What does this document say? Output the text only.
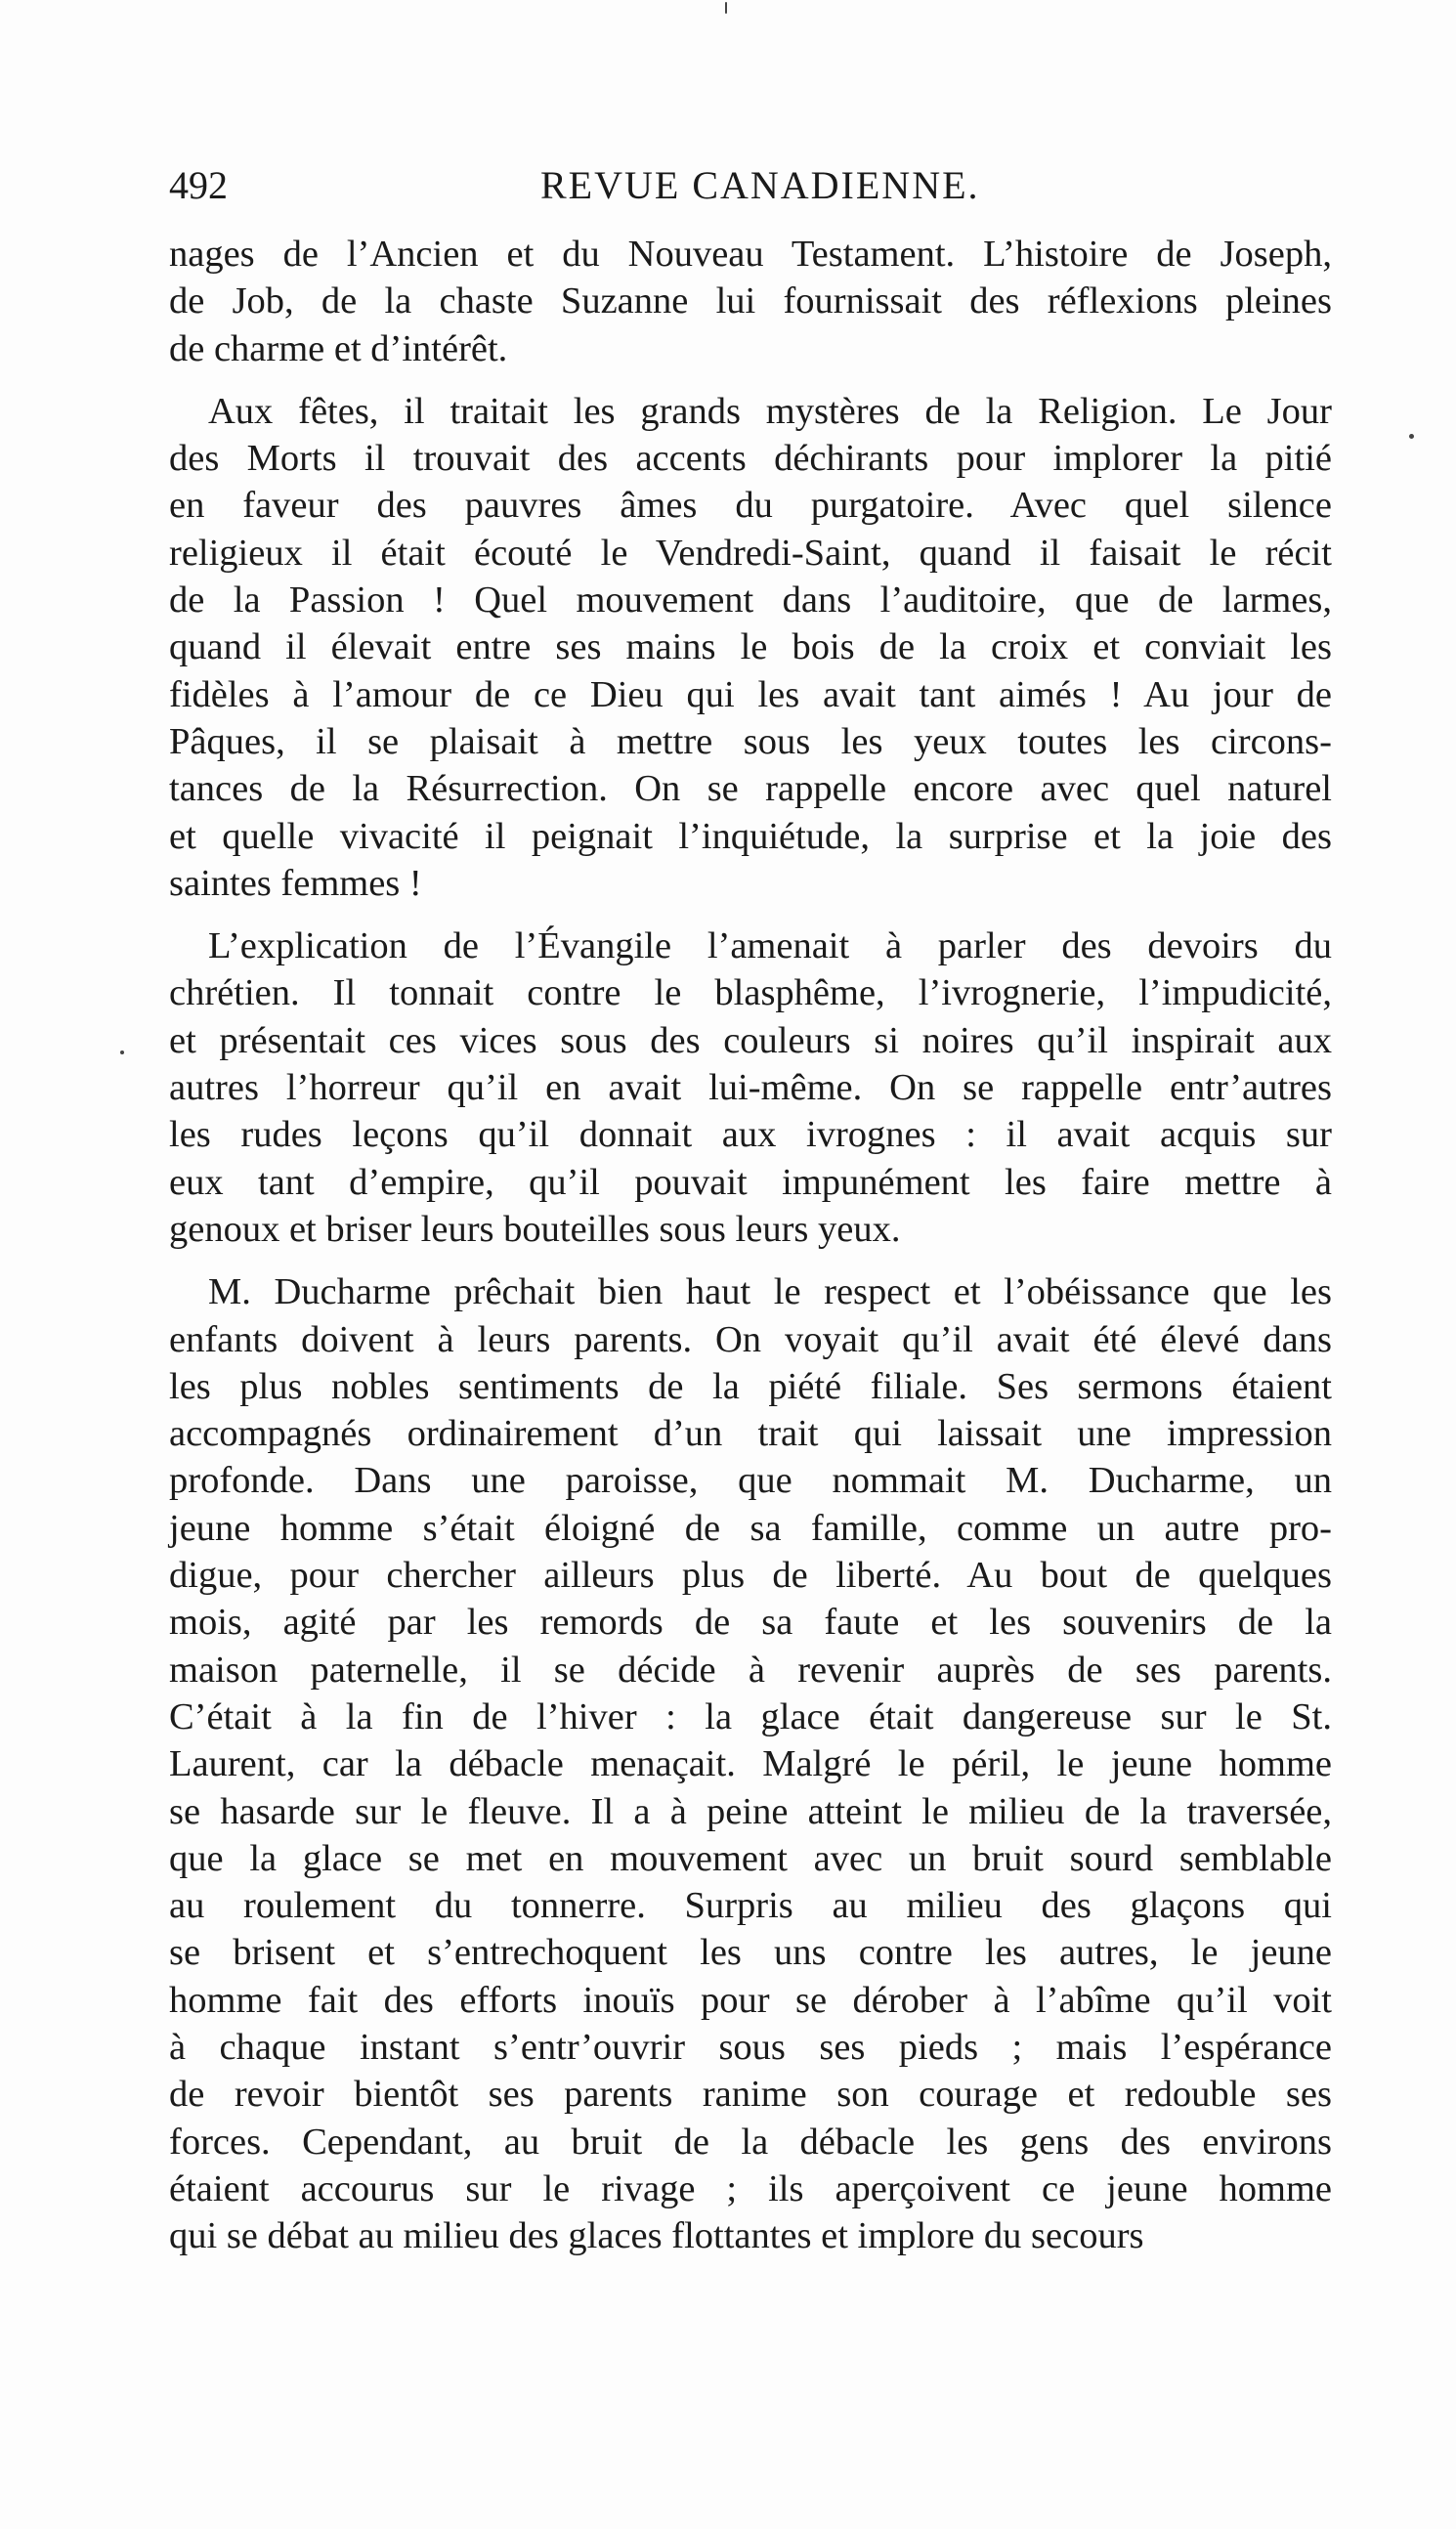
492	REVUE CANADIENNE.

nages de l’Ancien et du Nouveau Testament. L’histoire de Joseph,
de Job, de la chaste Suzanne lui fournissait des réflexions pleines
de charme et d’intérêt.

Aux fêtes, il traitait les grands mystères de la Religion. Le Jour
des Morts il trouvait des accents déchirants pour implorer la pitié
en faveur des pauvres âmes du purgatoire. Avec quel silence
religieux il était écouté le Vendredi-Saint, quand il faisait le récit
de la Passion ! Quel mouvement dans l’auditoire, que de larmes,
quand il élevait entre ses mains le bois de la croix et conviait les
fidèles à l’amour de ce Dieu qui les avait tant aimés ! Au jour de
Pâques, il se plaisait à mettre sous les yeux toutes les circons-
tances de la Résurrection. On se rappelle encore avec quel naturel
et quelle vivacité il peignait l’inquiétude, la surprise et la joie des
saintes femmes !

L’explication de l’Évangile l’amenait à parler des devoirs du
chrétien. Il tonnait contre le blasphême, l’ivrognerie, l’impudicité,
et présentait ces vices sous des couleurs si noires qu’il inspirait aux
autres l’horreur qu’il en avait lui-même. On se rappelle entr’autres
les rudes leçons qu’il donnait aux ivrognes : il avait acquis sur
eux tant d’empire, qu’il pouvait impunément les faire mettre à
genoux et briser leurs bouteilles sous leurs yeux.

M. Ducharme prêchait bien haut le respect et l’obéissance que les
enfants doivent à leurs parents. On voyait qu’il avait été élevé dans
les plus nobles sentiments de la piété filiale. Ses sermons étaient
accompagnés ordinairement d’un trait qui laissait une impression
profonde. Dans une paroisse, que nommait M. Ducharme, un
jeune homme s’était éloigné de sa famille, comme un autre pro-
digue, pour chercher ailleurs plus de liberté. Au bout de quelques
mois, agité par les remords de sa faute et les souvenirs de la
maison paternelle, il se décide à revenir auprès de ses parents.
C’était à la fin de l’hiver : la glace était dangereuse sur le St.
Laurent, car la débacle menaçait. Malgré le péril, le jeune homme
se hasarde sur le fleuve. Il a à peine atteint le milieu de la traversée,
que la glace se met en mouvement avec un bruit sourd semblable
au roulement du tonnerre. Surpris au milieu des glaçons qui
se brisent et s’entrechoquent les uns contre les autres, le jeune
homme fait des efforts inouïs pour se dérober à l’abîme qu’il voit
à chaque instant s’entr’ouvrir sous ses pieds ; mais l’espérance
de revoir bientôt ses parents ranime son courage et redouble ses
forces. Cependant, au bruit de la débacle les gens des environs
étaient accourus sur le rivage ; ils aperçoivent ce jeune homme
qui se débat au milieu des glaces flottantes et implore du secours
